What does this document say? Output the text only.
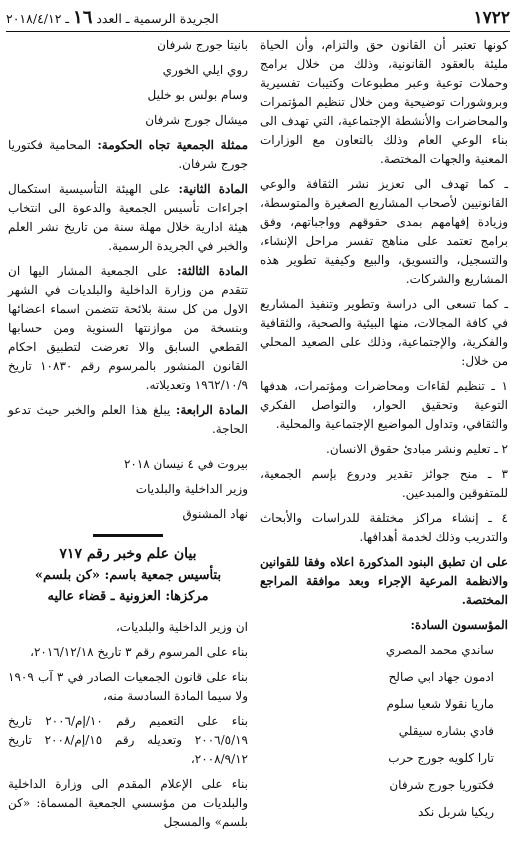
١٧٢٢
الجريدة الرسمية ـ العدد ١٦ ـ ٢٠١٨/٤/١٢

كونها تعتبر أن القانون حق والتزام، وأن الحياة مليئة بالعقود القانونية، وذلك من خلال برامج وحملات توعية وعبر مطبوعات وكتيبات تفسيرية وبروشورات توضيحية ومن خلال تنظيم المؤتمرات والمحاضرات والأنشطة الإجتماعية، التي تهدف الى بناء الوعي العام وذلك بالتعاون مع الوزارات المعنية والجهات المختصة.

ـ كما تهدف الى تعزيز نشر الثقافة والوعي القانونيين لأصحاب المشاريع الصغيرة والمتوسطة، وزيادة إفهامهم بمدى حقوقهم وواجباتهم، وفق برامج تعتمد على مناهج تفسر مراحل الإنشاء، والتسجيل، والتسويق، والبيع وكيفية تطوير هذه المشاريع والشركات.

ـ كما تسعى الى دراسة وتطوير وتنفيذ المشاريع في كافة المجالات، منها البيئية والصحية، والثقافية والفكرية، والإجتماعية، وذلك على الصعيد المحلي من خلال:

١ ـ تنظيم لقاءات ومحاضرات ومؤتمرات، هدفها التوعية وتحقيق الحوار، والتواصل الفكري والثقافي، وتداول المواضيع الإجتماعية والمحلية.

٢ ـ تعليم ونشر مبادئ حقوق الانسان.

٣ ـ منح جوائز تقدير ودروع بإسم الجمعية، للمتفوقين والمبدعين.

٤ ـ إنشاء مراكز مختلفة للدراسات والأبحاث والتدريب وذلك لخدمة أهدافها.

على ان تطبق البنود المذكورة اعلاه وفقا للقوانين والانظمة المرعية الإجراء وبعد موافقة المراجع المختصة.

المؤسسون السادة:

ساندي محمد المصري
ادمون جهاد ابي صالح
ماريا نقولا شعيا سلوم
فادي بشاره سيقلي
تارا كلويه جورج حرب
فكتوريا جورج شرفان
ريكيا شربل نكد
بانيتا جورج شرفان
روي ايلي الخوري
وسام بولس بو خليل
ميشال جورج شرفان

ممثلة الجمعية تجاه الحكومة: المحامية فكتوريا جورج شرفان.

المادة الثانية: على الهيئة التأسيسية استكمال اجراءات تأسيس الجمعية والدعوة الى انتخاب هيئة ادارية خلال مهلة سنة من تاريخ نشر العلم والخبر في الجريدة الرسمية.

المادة الثالثة: على الجمعية المشار اليها ان تتقدم من وزارة الداخلية والبلديات في الشهر الاول من كل سنة بلائحة تتضمن اسماء اعضائها وبنسخة من موازنتها السنوية ومن حسابها القطعي السابق والا تعرضت لتطبيق احكام القانون المنشور بالمرسوم رقم ١٠٨٣٠ تاريخ ١٩٦٢/١٠/٩ وتعديلاته.

المادة الرابعة: يبلغ هذا العلم والخبر حيث تدعو الحاجة.

بيروت في ٤ نيسان ٢٠١٨

وزير الداخلية والبلديات

نهاد المشنوق

بيان علم وخبر رقم ٧١٧
بتأسيس جمعية باسم: «كن بلسم»
مركزها: العزونية ـ قضاء عاليه

ان وزير الداخلية والبلديات،

بناء على المرسوم رقم ٣ تاريخ ٢٠١٦/١٢/١٨،

بناء على قانون الجمعيات الصادر في ٣ آب ١٩٠٩ ولا سيما المادة السادسة منه،

بناء على التعميم رقم ١٠/إم/٢٠٠٦ تاريخ ٢٠٠٦/٥/١٩ وتعديله رقم ١٥/إم/٢٠٠٨ تاريخ ٢٠٠٨/٩/١٢،

بناء على الإعلام المقدم الى وزارة الداخلية والبلديات من مؤسسي الجمعية المسماة: «كن بلسم» والمسجل
